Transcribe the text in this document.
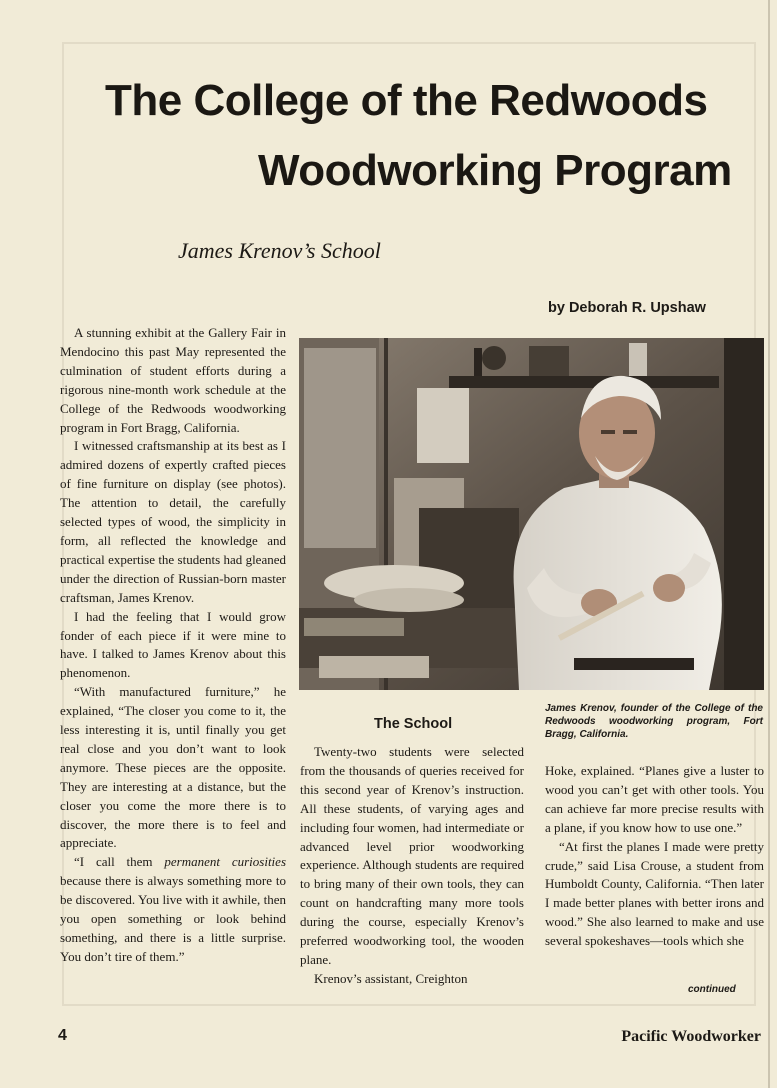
The College of the Redwoods
Woodworking Program
James Krenov’s School
by Deborah R. Upshaw

A stunning exhibit at the Gallery Fair in Mendocino this past May represented the culmination of student efforts during a rigorous nine-month work schedule at the College of the Redwoods woodworking program in Fort Bragg, California.

I witnessed craftsmanship at its best as I admired dozens of expertly crafted pieces of fine furniture on display (see photos). The attention to detail, the carefully selected types of wood, the simplicity in form, all reflected the knowledge and practical expertise the students had gleaned under the direction of Russian-born master craftsman, James Krenov.

I had the feeling that I would grow fonder of each piece if it were mine to have. I talked to James Krenov about this phenomenon.

“With manufactured furniture,” he explained, “The closer you come to it, the less interesting it is, until finally you get real close and you don’t want to look anymore. These pieces are the opposite. They are interesting at a distance, but the closer you come the more there is to discover, the more there is to feel and appreciate.

“I call them permanent curiosities because there is always something more to be discovered. You live with it awhile, then you open something or look behind something, and there is a little surprise. You don’t tire of them.”

James Krenov, founder of the College of the Redwoods woodworking program, Fort Bragg, California.
The School

Twenty-two students were selected from the thousands of queries received for this second year of Krenov’s instruction. All these students, of varying ages and including four women, had intermediate or advanced level prior woodworking experience. Although students are required to bring many of their own tools, they can count on handcrafting many more tools during the course, especially Krenov’s preferred woodworking tool, the wooden plane.

Krenov’s assistant, Creighton

Hoke, explained. “Planes give a luster to wood you can’t get with other tools. You can achieve far more precise results with a plane, if you know how to use one.”

“At first the planes I made were pretty crude,” said Lisa Crouse, a student from Humboldt County, California. “Then later I made better planes with better irons and wood.” She also learned to make and use several spokeshaves—tools which she

continued
4	Pacific Woodworker
